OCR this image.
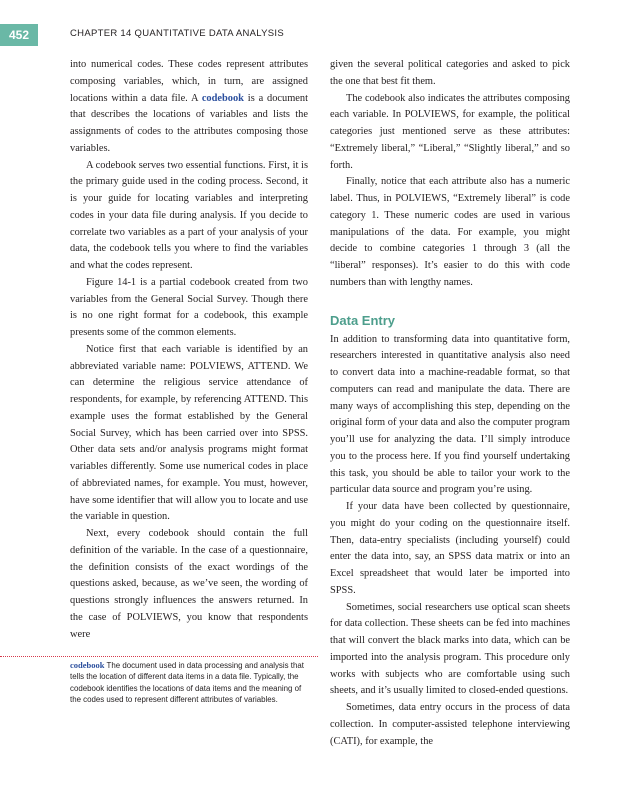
452	CHAPTER 14 QUANTITATIVE DATA ANALYSIS

into numerical codes. These codes represent attributes composing variables, which, in turn, are assigned locations within a data file. A codebook is a document that describes the locations of variables and lists the assignments of codes to the attributes composing those variables.

A codebook serves two essential functions. First, it is the primary guide used in the coding process. Second, it is your guide for locating variables and interpreting codes in your data file during analysis. If you decide to correlate two variables as a part of your analysis of your data, the codebook tells you where to find the variables and what the codes represent.

Figure 14-1 is a partial codebook created from two variables from the General Social Survey. Though there is no one right format for a codebook, this example presents some of the common elements.

Notice first that each variable is identified by an abbreviated variable name: POLVIEWS, ATTEND. We can determine the religious service attendance of respondents, for example, by referencing ATTEND. This example uses the format established by the General Social Survey, which has been carried over into SPSS. Other data sets and/or analysis programs might format variables differently. Some use numerical codes in place of abbreviated names, for example. You must, however, have some identifier that will allow you to locate and use the variable in question.

Next, every codebook should contain the full definition of the variable. In the case of a questionnaire, the definition consists of the exact wordings of the questions asked, because, as we’ve seen, the wording of questions strongly influences the answers returned. In the case of POLVIEWS, you know that respondents were

given the several political categories and asked to pick the one that best fit them.

The codebook also indicates the attributes composing each variable. In POLVIEWS, for example, the political categories just mentioned serve as these attributes: “Extremely liberal,” “Liberal,” “Slightly liberal,” and so forth.

Finally, notice that each attribute also has a numeric label. Thus, in POLVIEWS, “Extremely liberal” is code category 1. These numeric codes are used in various manipulations of the data. For example, you might decide to combine categories 1 through 3 (all the “liberal” responses). It’s easier to do this with code numbers than with lengthy names.

Data Entry

In addition to transforming data into quantitative form, researchers interested in quantitative analysis also need to convert data into a machine-readable format, so that computers can read and manipulate the data. There are many ways of accomplishing this step, depending on the original form of your data and also the computer program you’ll use for analyzing the data. I’ll simply introduce you to the process here. If you find yourself undertaking this task, you should be able to tailor your work to the particular data source and program you’re using.

If your data have been collected by questionnaire, you might do your coding on the questionnaire itself. Then, data-entry specialists (including yourself) could enter the data into, say, an SPSS data matrix or into an Excel spreadsheet that would later be imported into SPSS.

Sometimes, social researchers use optical scan sheets for data collection. These sheets can be fed into machines that will convert the black marks into data, which can be imported into the analysis program. This procedure only works with subjects who are comfortable using such sheets, and it’s usually limited to closed-ended questions.

Sometimes, data entry occurs in the process of data collection. In computer-assisted telephone interviewing (CATI), for example, the

codebook The document used in data processing and analysis that tells the location of different data items in a data file. Typically, the codebook identifies the locations of data items and the meaning of the codes used to represent different attributes of variables.
